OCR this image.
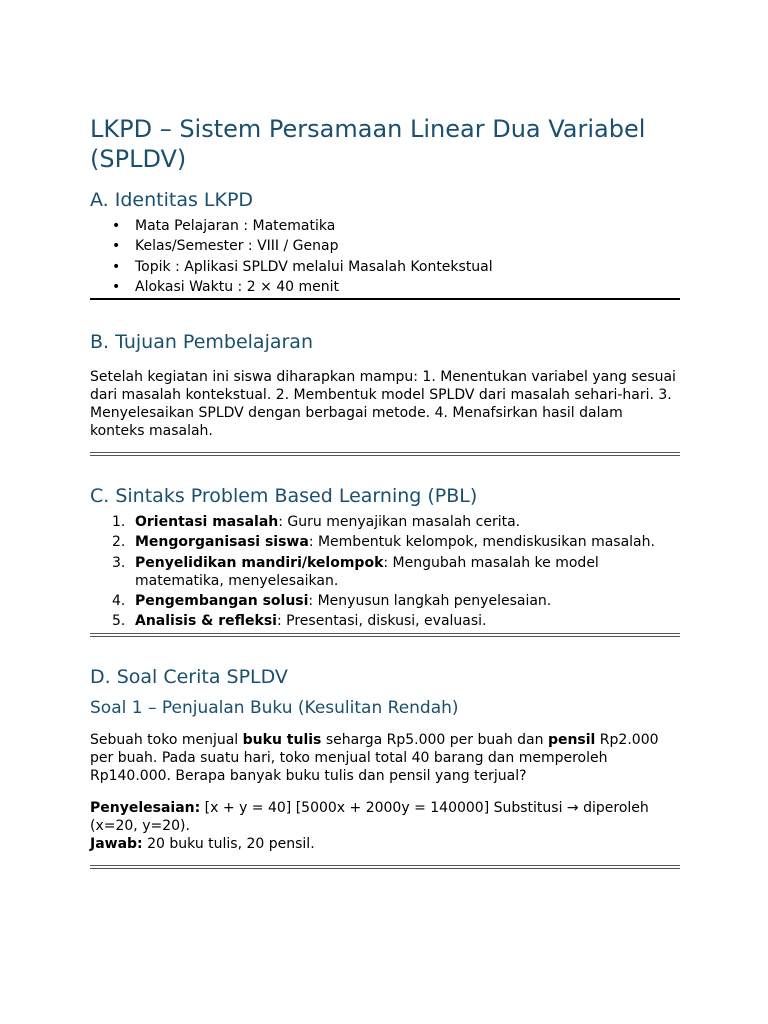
LKPD – Sistem Persamaan Linear Dua Variabel (SPLDV)
A. Identitas LKPD
• Mata Pelajaran : Matematika
• Kelas/Semester : VIII / Genap
• Topik : Aplikasi SPLDV melalui Masalah Kontekstual
• Alokasi Waktu : 2 × 40 menit
B. Tujuan Pembelajaran

Setelah kegiatan ini siswa diharapkan mampu: 1. Menentukan variabel yang sesuai dari masalah kontekstual. 2. Membentuk model SPLDV dari masalah sehari-hari. 3. Menyelesaikan SPLDV dengan berbagai metode. 4. Menafsirkan hasil dalam konteks masalah.

C. Sintaks Problem Based Learning (PBL)
1. Orientasi masalah: Guru menyajikan masalah cerita.
2. Mengorganisasi siswa: Membentuk kelompok, mendiskusikan masalah.
3. Penyelidikan mandiri/kelompok: Mengubah masalah ke model matematika, menyelesaikan.
4. Pengembangan solusi: Menyusun langkah penyelesaian.
5. Analisis & refleksi: Presentasi, diskusi, evaluasi.
D. Soal Cerita SPLDV
Soal 1 – Penjualan Buku (Kesulitan Rendah)

Sebuah toko menjual buku tulis seharga Rp5.000 per buah dan pensil Rp2.000 per buah. Pada suatu hari, toko menjual total 40 barang dan memperoleh Rp140.000. Berapa banyak buku tulis dan pensil yang terjual?

Penyelesaian: [x + y = 40] [5000x + 2000y = 140000] Substitusi → diperoleh (x=20, y=20).
Jawab: 20 buku tulis, 20 pensil.
